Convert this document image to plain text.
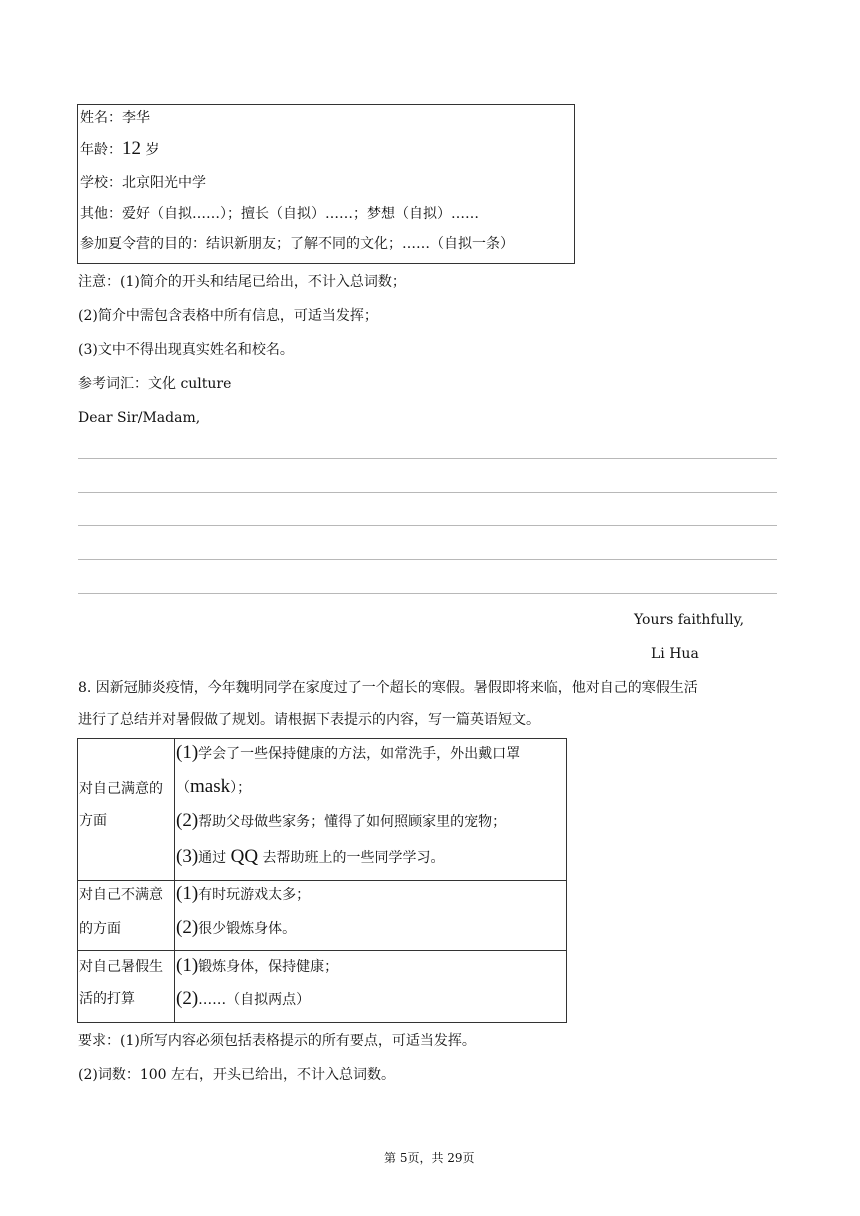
姓名：李华
年龄：12 岁
学校：北京阳光中学
其他：爱好（自拟……）；擅长（自拟）……；梦想（自拟）……
参加夏令营的目的：结识新朋友；了解不同的文化；……（自拟一条）
注意：(1)简介的开头和结尾已给出，不计入总词数；
(2)简介中需包含表格中所有信息，可适当发挥；
(3)文中不得出现真实姓名和校名。
参考词汇：文化 culture
Dear Sir/Madam,
Yours faithfully,
Li Hua
8. 因新冠肺炎疫情，今年魏明同学在家度过了一个超长的寒假。暑假即将来临，他对自己的寒假生活
进行了总结并对暑假做了规划。请根据下表提示的内容，写一篇英语短文。
对自己满意的
方面
(1)学会了一些保持健康的方法，如常洗手，外出戴口罩
（mask）；
(2)帮助父母做些家务；懂得了如何照顾家里的宠物；
(3)通过 QQ 去帮助班上的一些同学学习。
对自己不满意
的方面
(1)有时玩游戏太多；
(2)很少锻炼身体。
对自己暑假生
活的打算
(1)锻炼身体，保持健康；
(2)……（自拟两点）
要求：(1)所写内容必须包括表格提示的所有要点，可适当发挥。
(2)词数：100 左右，开头已给出，不计入总词数。
第 5页，共 29页
